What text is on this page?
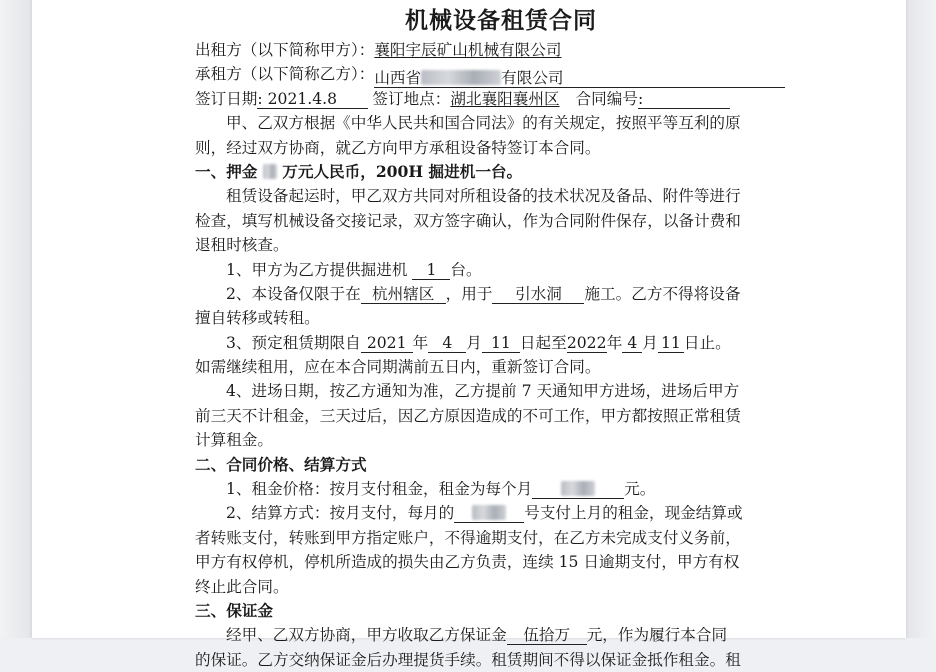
机械设备租赁合同
出租方（以下简称甲方）：襄阳宇辰矿山机械有限公司
承租方（以下简称乙方）：山西省	有限公司
签订日期: 2021.4.8 签订地点：湖北襄阳襄州区 合同编号:
甲、乙双方根据《中华人民共和国合同法》的有关规定，按照平等互利的原
则，经过双方协商，就乙方向甲方承租设备特签订本合同。
一、押金 万元人民币，200H 掘进机一台。
租赁设备起运时，甲乙双方共同对所租设备的技术状况及备品、附件等进行
检查，填写机械设备交接记录，双方签字确认，作为合同附件保存，以备计费和
退租时核查。
1、甲方为乙方提供掘进机 1 台。
2、本设备仅限于在 杭州辖区 ，用于 引水洞 施工。乙方不得将设备
擅自转移或转租。
3、预定租赁期限自 2021 年 4 月 11 日起至2022年 4 月 11 日止。
如需继续租用，应在本合同期满前五日内，重新签订合同。
4、进场日期，按乙方通知为准，乙方提前 7 天通知甲方进场，进场后甲方
前三天不计租金，三天过后，因乙方原因造成的不可工作，甲方都按照正常租赁
计算租金。
二、合同价格、结算方式
1、租金价格：按月支付租金，租金为每个月	元。
2、结算方式：按月支付，每月的	号支付上月的租金，现金结算或
者转账支付，转账到甲方指定账户，不得逾期支付，在乙方未完成支付义务前，
甲方有权停机，停机所造成的损失由乙方负责，连续 15 日逾期支付，甲方有权
终止此合同。
三、保证金
经甲、乙双方协商，甲方收取乙方保证金 伍拾万 元，作为履行本合同
的保证。乙方交纳保证金后办理提货手续。租赁期间不得以保证金抵作租金。租
